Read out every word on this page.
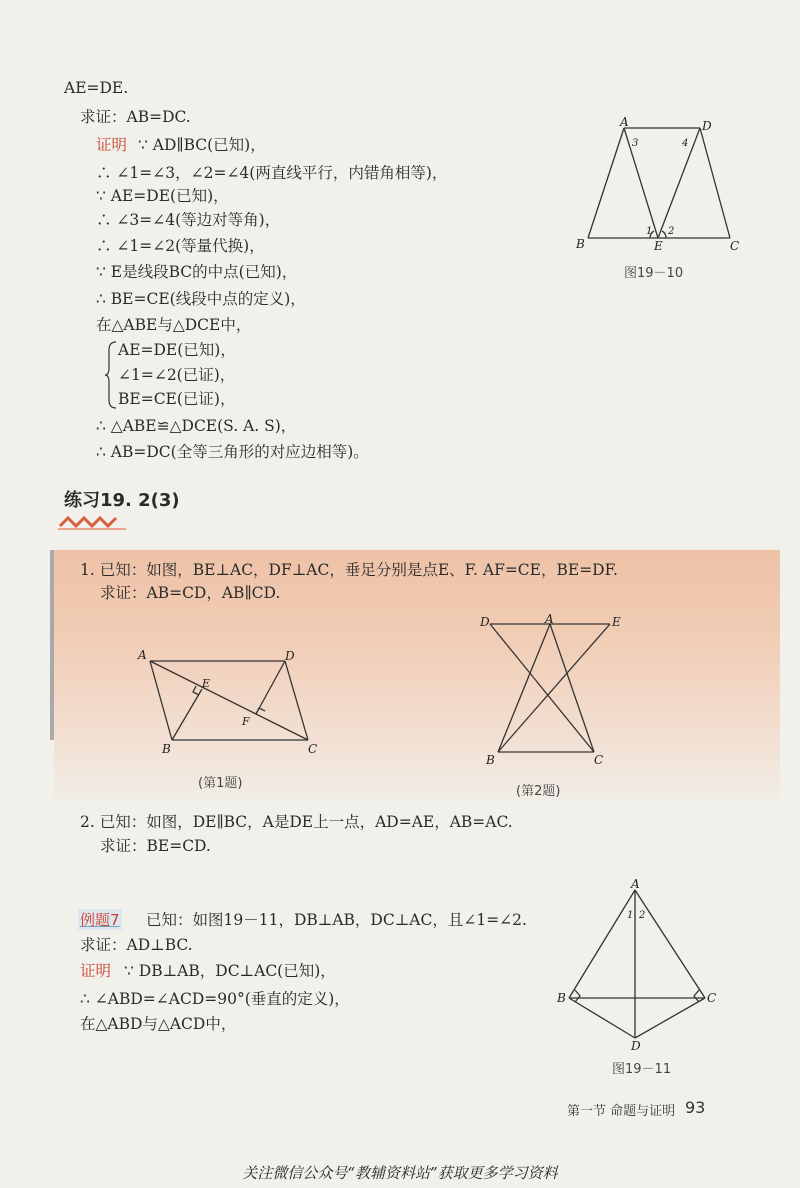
AE=DE.
求证：AB=DC.
证明 ∵ AD∥BC(已知)，
∴ ∠1=∠3，∠2=∠4(两直线平行，内错角相等)，
∵ AE=DE(已知)，
∴ ∠3=∠4(等边对等角)，
∴ ∠1=∠2(等量代换)，
∵ E是线段BC的中点(已知)，
∴ BE=CE(线段中点的定义)，
在△ABE与△DCE中，
AE=DE(已知)，
∠1=∠2(已证)，
BE=CE(已证)，
∴ △ABE≌△DCE(S. A. S)，
∴ AB=DC(全等三角形的对应边相等)。
A	D
B	E	C
3	4
1 2
图19－10
练习19. 2(3)
1. 已知：如图，BE⊥AC，DF⊥AC，垂足分别是点E、F. AF=CE，BE=DF.
求证：AB=CD，AB∥CD.
A	D
B	C
E
F
(第1题)
D	A	E
B	C
(第2题)
2. 已知：如图，DE∥BC，A是DE上一点，AD=AE，AB=AC.
求证：BE=CD.
例题7 已知：如图19－11，DB⊥AB，DC⊥AC，且∠1=∠2.
求证：AD⊥BC.
证明 ∵ DB⊥AB，DC⊥AC(已知)，
∴ ∠ABD=∠ACD=90°(垂直的定义)，
在△ABD与△ACD中，
A
B	C
D
1 2
图19－11
第一节 命题与证明 93
关注微信公众号“教辅资料站”获取更多学习资料
